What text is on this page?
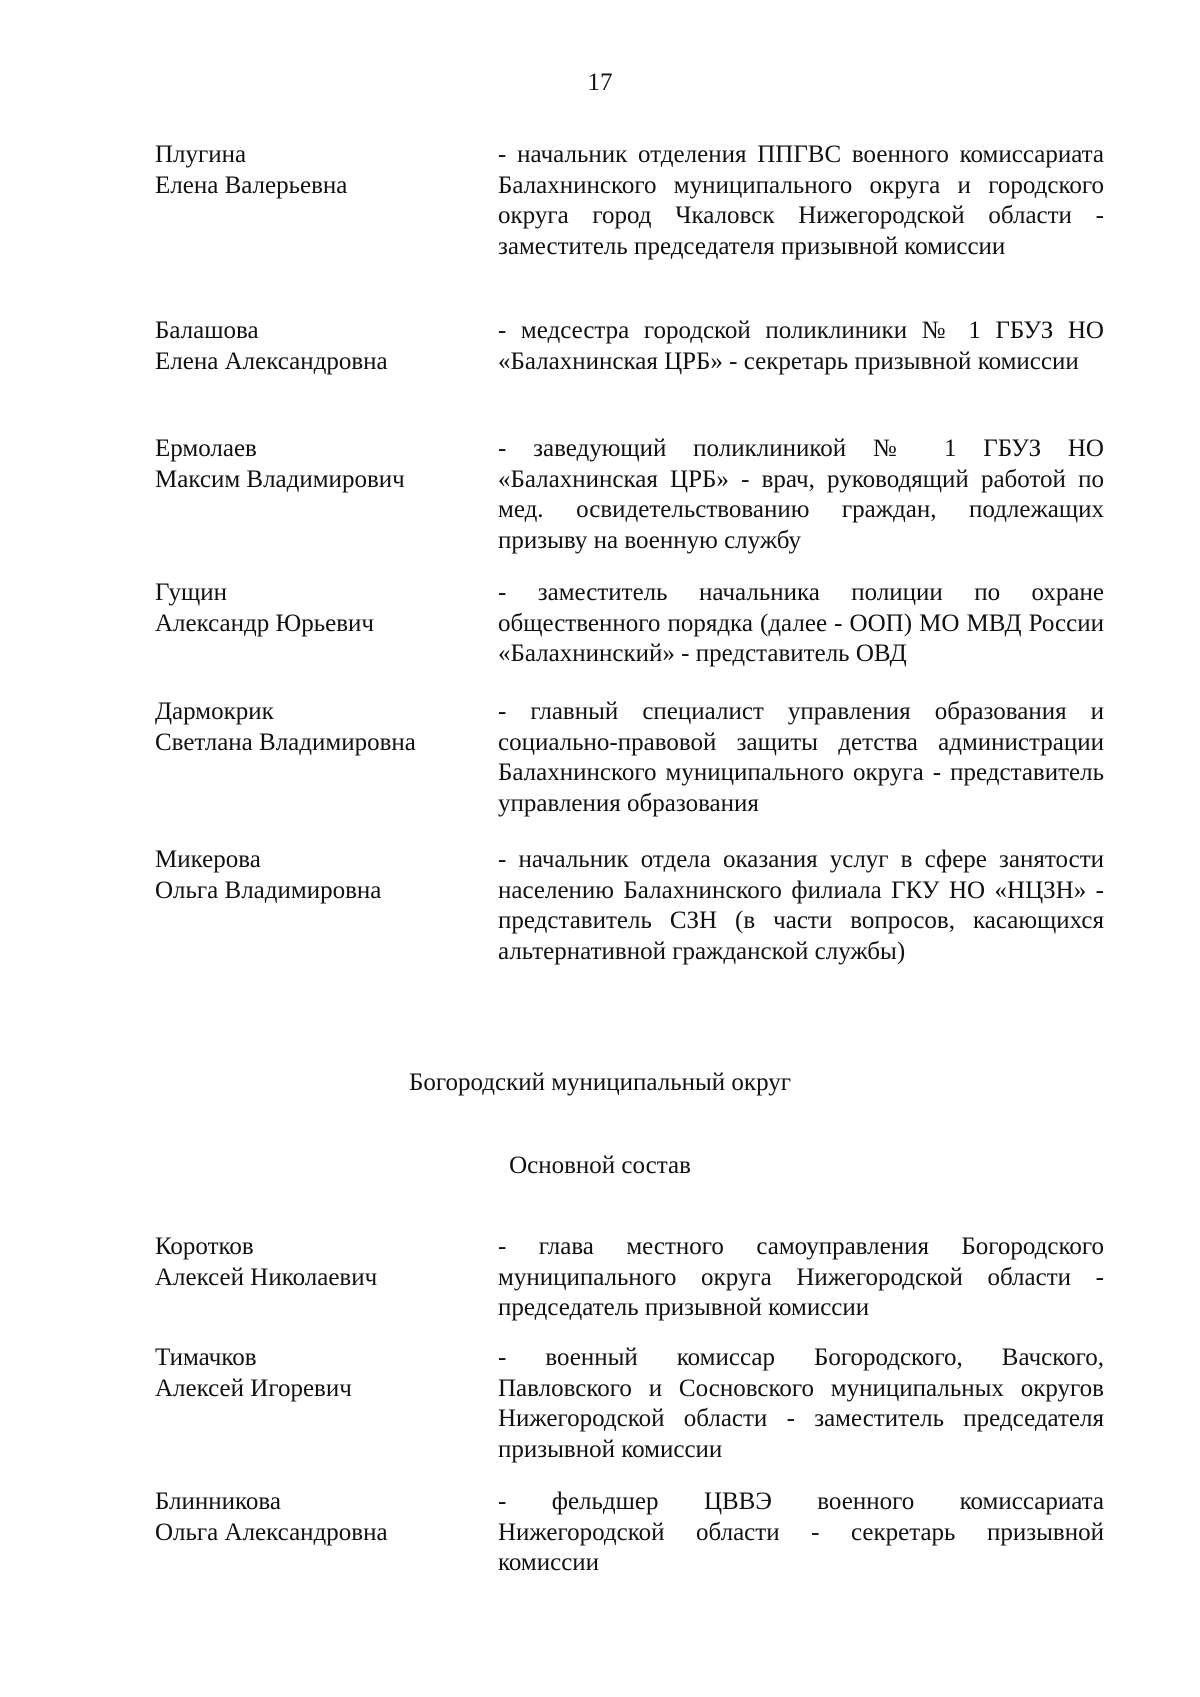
17
Плугина
Елена Валерьевна
- начальник отделения ППГВС военного комиссариата Балахнинского муниципального округа и городского округа город Чкаловск Нижегородской области - заместитель председателя призывной комиссии
Балашова
Елена Александровна
- медсестра городской поликлиники № 1 ГБУЗ НО «Балахнинская ЦРБ» - секретарь призывной комиссии
Ермолаев
Максим Владимирович
- заведующий поликлиникой № 1 ГБУЗ НО «Балахнинская ЦРБ» - врач, руководящий работой по мед. освидетельствованию граждан, подлежащих призыву на военную службу
Гущин
Александр Юрьевич
- заместитель начальника полиции по охране общественного порядка (далее - ООП) МО МВД России «Балахнинский» - представитель ОВД
Дармокрик
Светлана Владимировна
- главный специалист управления образования и социально-правовой защиты детства администрации Балахнинского муниципального округа - представитель управления образования
Микерова
Ольга Владимировна
- начальник отдела оказания услуг в сфере занятости населению Балахнинского филиала ГКУ НО «НЦЗН» - представитель СЗН (в части вопросов, касающихся альтернативной гражданской службы)
Богородский муниципальный округ
Основной состав
Коротков
Алексей Николаевич
- глава местного самоуправления Богородского муниципального округа Нижегородской области - председатель призывной комиссии
Тимачков
Алексей Игоревич
- военный комиссар Богородского, Вачского, Павловского и Сосновского муниципальных округов Нижегородской области - заместитель председателя призывной комиссии
Блинникова
Ольга Александровна
- фельдшер ЦВВЭ военного комиссариата Нижегородской области - секретарь призывной комиссии
